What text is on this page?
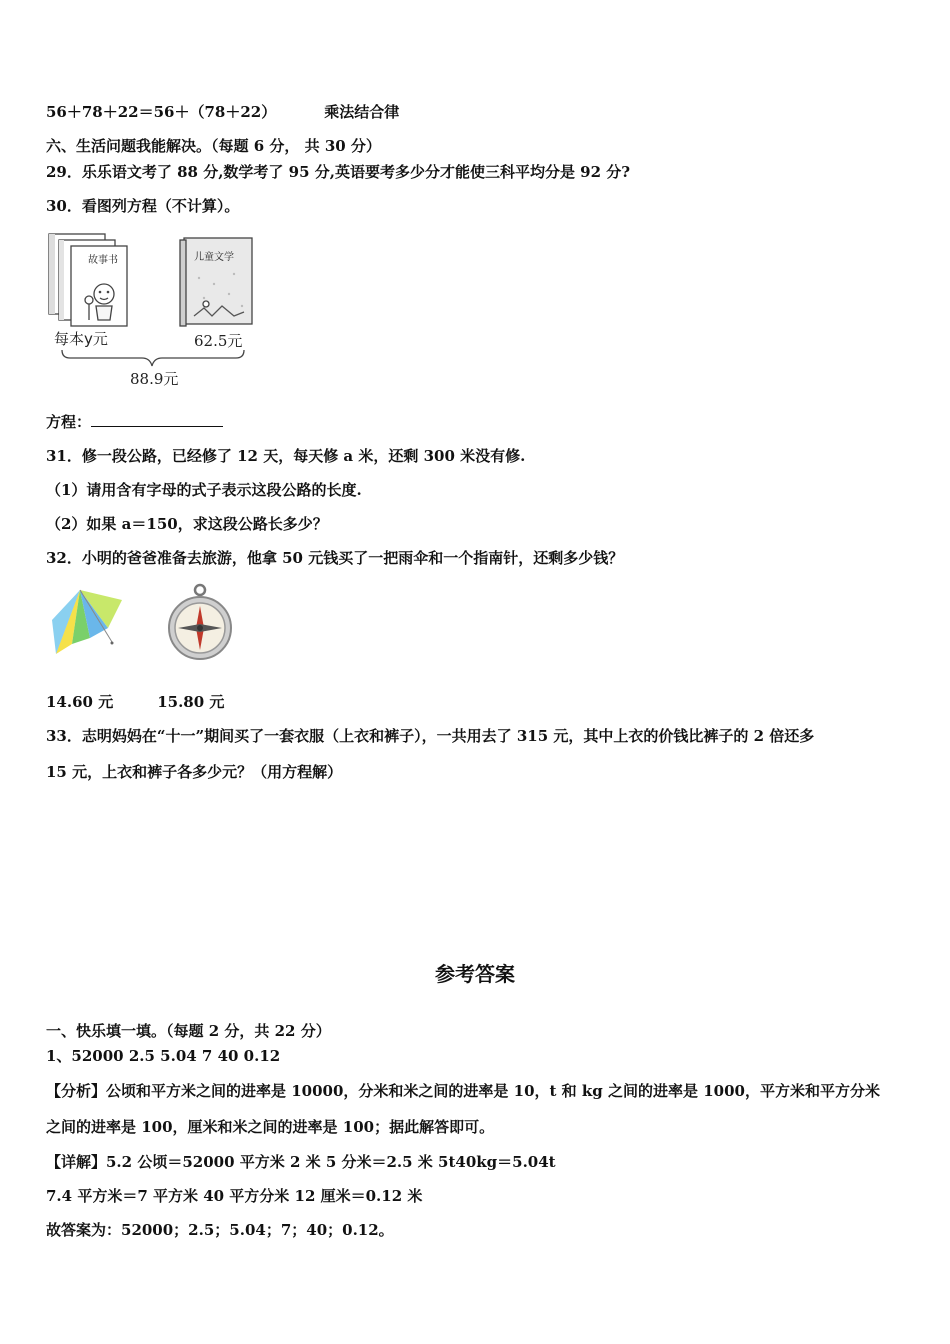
56＋78＋22＝56＋（78＋22）	乘法结合律
六、生活问题我能解决。（每题 6 分， 共 30 分）
29．乐乐语文考了 88 分,数学考了 95 分,英语要考多少分才能使三科平均分是 92 分?
30．看图列方程（不计算）。
故事书	儿童文学
每本y元	62.5元
88.9元
方程：
31．修一段公路，已经修了 12 天，每天修 a 米，还剩 300 米没有修.
（1）请用含有字母的式子表示这段公路的长度.
（2）如果 a＝150，求这段公路长多少？
32．小明的爸爸准备去旅游，他拿 50 元钱买了一把雨伞和一个指南针，还剩多少钱？
14.60 元	15.80 元
33．志明妈妈在“十一”期间买了一套衣服（上衣和裤子），一共用去了 315 元，其中上衣的价钱比裤子的 2 倍还多
15 元，上衣和裤子各多少元？（用方程解）
参考答案
一、快乐填一填。（每题 2 分，共 22 分）
1、52000 2.5 5.04 7 40 0.12
【分析】公顷和平方米之间的进率是 10000，分米和米之间的进率是 10，t 和 kg 之间的进率是 1000，平方米和平方分米
之间的进率是 100，厘米和米之间的进率是 100；据此解答即可。
【详解】5.2 公顷＝52000 平方米 2 米 5 分米＝2.5 米 5t40kg＝5.04t
7.4 平方米＝7 平方米 40 平方分米 12 厘米＝0.12 米
故答案为：52000；2.5；5.04；7；40；0.12。
